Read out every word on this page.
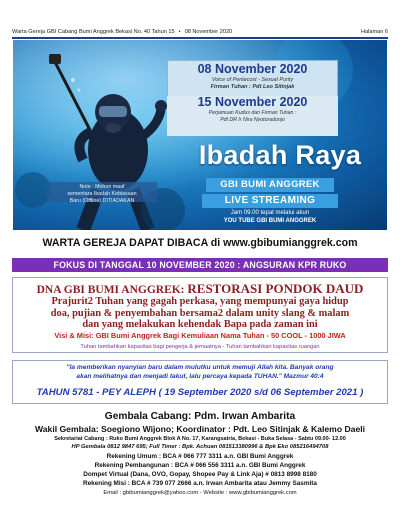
Warta Gereja GBI Cabang Bumi Anggrek Bekasi No. 40 Tahun 15 • 08 November 2020	Halaman 6
08 November 2020
Voice of Pentecost - Sexual Purity
Firman Tuhan : Pdt Leo Sitinjak
15 November 2020
Perjamuan Kudus dan Firman Tuhan :
Pdt DR Ir Nira Nyotoradonjo
Ibadah Raya
GBI BUMI ANGGREK
LIVE STREAMING
Jam 09.00 tepat melalui akun
YOU TUBE GBI BUMI ANGGREK
Note : Mohon maaf
sementara Ibadah Kebiasaan
Baru (Offline) DITIADAKAN
WARTA GEREJA DAPAT DIBACA di www.gbibumianggrek.com
FOKUS DI TANGGAL 10 NOVEMBER 2020 : ANGSURAN KPR RUKO
DNA GBI BUMI ANGGREK: RESTORASI PONDOK DAUD
Prajurit2 Tuhan yang gagah perkasa, yang mempunyai gaya hidup
doa, pujian & penyembahan bersama2 dalam unity slang & malam
dan yang melakukan kehendak Bapa pada zaman ini
Visi & Misi: GBI Bumi Anggrek Bagi Kemuliaan Nama Tuhan - 50 COOL - 1000 JIWA
Tuhan tambahkan kapasitas bagi pengerja & jemaatnya - Tuhan tambahkan kapasitas ruangan
"Ia memberikan nyanyian baru dalam mulutku untuk memuji Allah kita. Banyak orang
akan melihatnya dan menjadi takut, lalu percaya kepada TUHAN." Mazmur 40:4
TAHUN 5781 - PEY ALEPH ( 19 September 2020 s/d 06 September 2021 )
Gembala Cabang: Pdm. Irwan Ambarita
Wakil Gembala: Soegiono Wijono; Koordinator : Pdt. Leo Sitinjak & Kalemo Daeli
Sekretariat Cabang : Ruko Bumi Anggrek Blok A No. 17, Karangsatria, Bekasi - Buka Selasa - Sabtu 09.00- 12.00
HP Gembala 0812 9847 695; Full Timer : Bpk. Achuan 081513380996 & Bpk Eko 085216494708
Rekening Umum : BCA # 066 777 3311 a.n. GBI Bumi Anggrek
Rekening Pembangunan : BCA # 066 556 3311 a.n. GBI Bumi Anggrek
Dompet Virtual (Dana, OVO, Gopay, Shopee Pay & Link Aja) # 0813 8998 8180
Rekening Misi : BCA # 739 077 2666 a.n. Irwan Ambarita atau Jemmy Sasmita
Email : gbibumianggrek@yahoo.com - Website : www.gbibumianggrek.com
